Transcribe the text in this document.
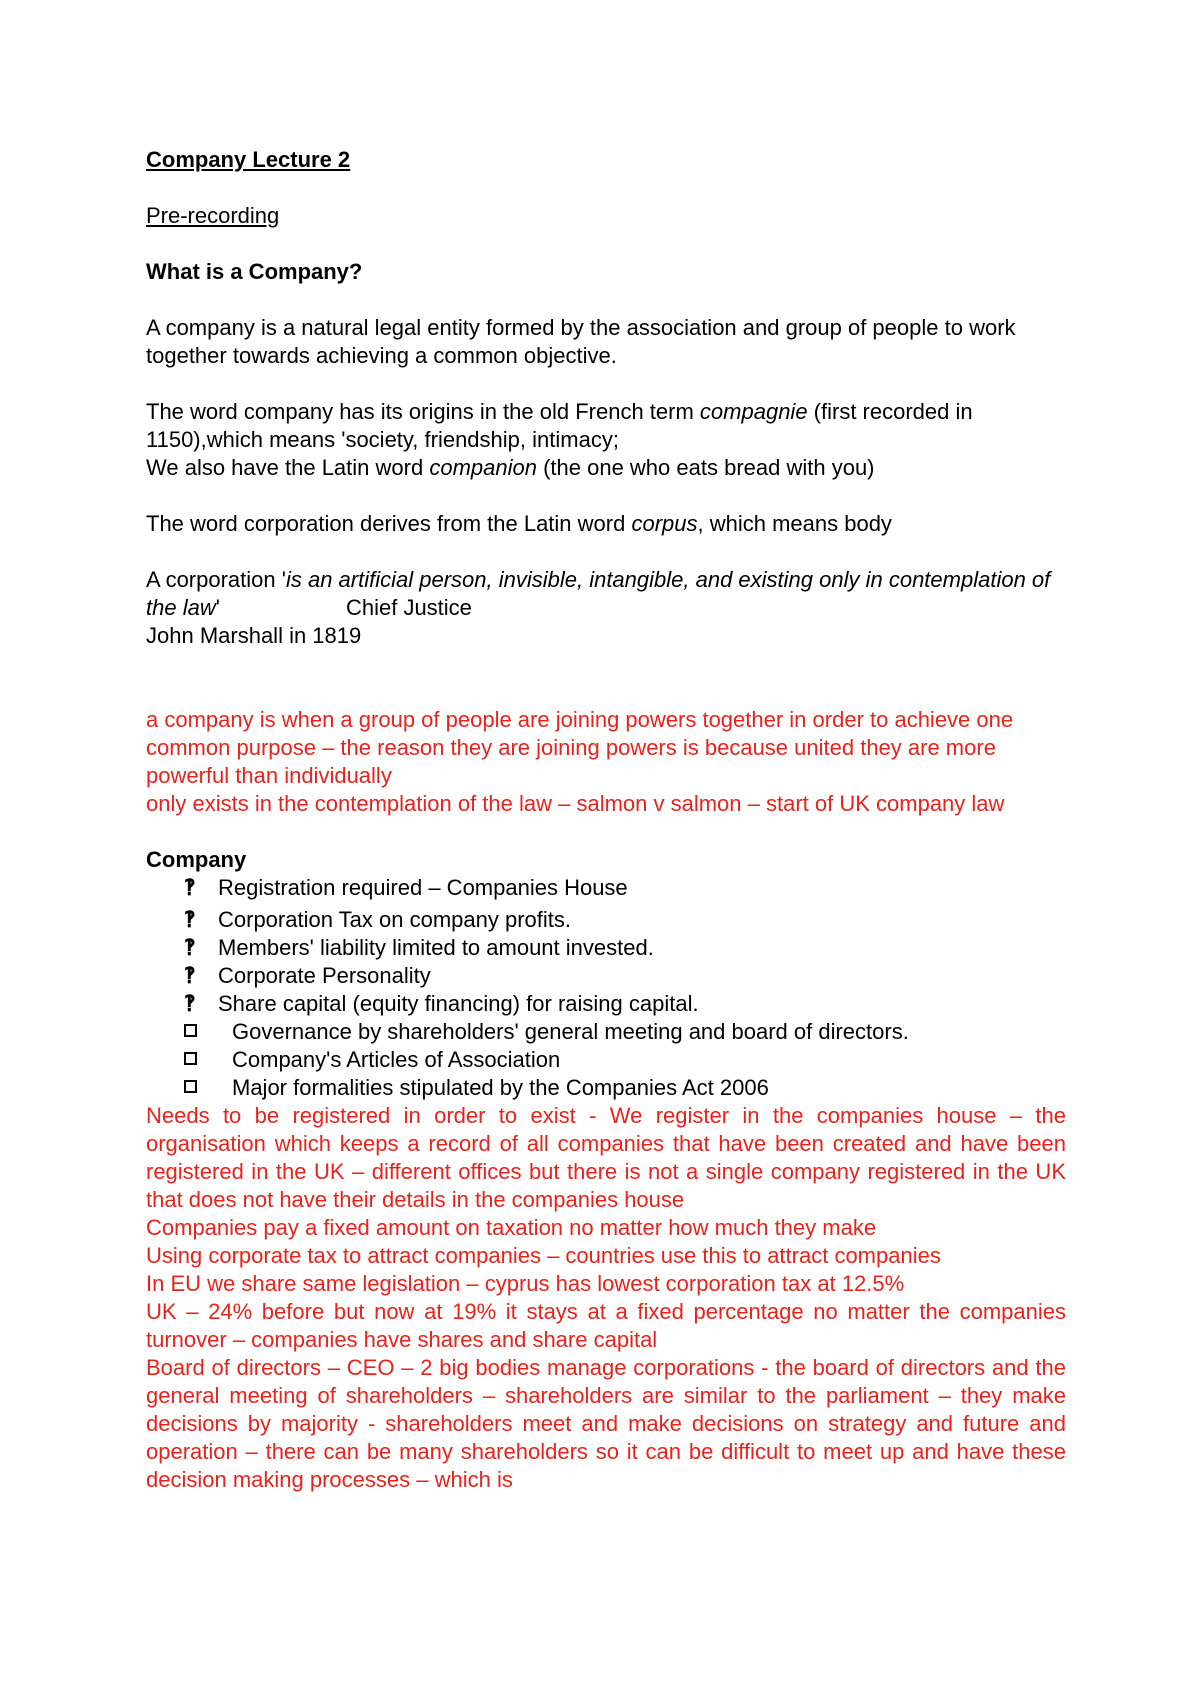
Company Lecture 2
Pre-recording
What is a Company?
A company is a natural legal entity formed by the association and group of people to work together towards achieving a common objective.
The word company has its origins in the old French term compagnie (first recorded in 1150),which means 'society, friendship, intimacy;
We also have the Latin word companion (the one who eats bread with you)
The word corporation derives from the Latin word corpus, which means body
A corporation 'is an artificial person, invisible, intangible, and existing only in contemplation of the law'	Chief Justice
John Marshall in 1819
a company is when a group of people are joining powers together in order to achieve one common purpose – the reason they are joining powers is because united they are more powerful than individually
only exists in the contemplation of the law – salmon v salmon – start of UK company law
Company
‽ Registration required – Companies House
‽ Corporation Tax on company profits.
‽ Members' liability limited to amount invested.
‽ Corporate Personality
‽ Share capital (equity financing) for raising capital.
Governance by shareholders' general meeting and board of directors.
Company's Articles of Association
Major formalities stipulated by the Companies Act 2006
Needs to be registered in order to exist - We register in the companies house – the organisation which keeps a record of all companies that have been created and have been registered in the UK – different offices but there is not a single company registered in the UK that does not have their details in the companies house
Companies pay a fixed amount on taxation no matter how much they make
Using corporate tax to attract companies – countries use this to attract companies
In EU we share same legislation – cyprus has lowest corporation tax at 12.5%
UK – 24% before but now at 19% it stays at a fixed percentage no matter the companies turnover – companies have shares and share capital
Board of directors – CEO – 2 big bodies manage corporations - the board of directors and the general meeting of shareholders – shareholders are similar to the parliament – they make decisions by majority - shareholders meet and make decisions on strategy and future and operation – there can be many shareholders so it can be difficult to meet up and have these decision making processes – which is
